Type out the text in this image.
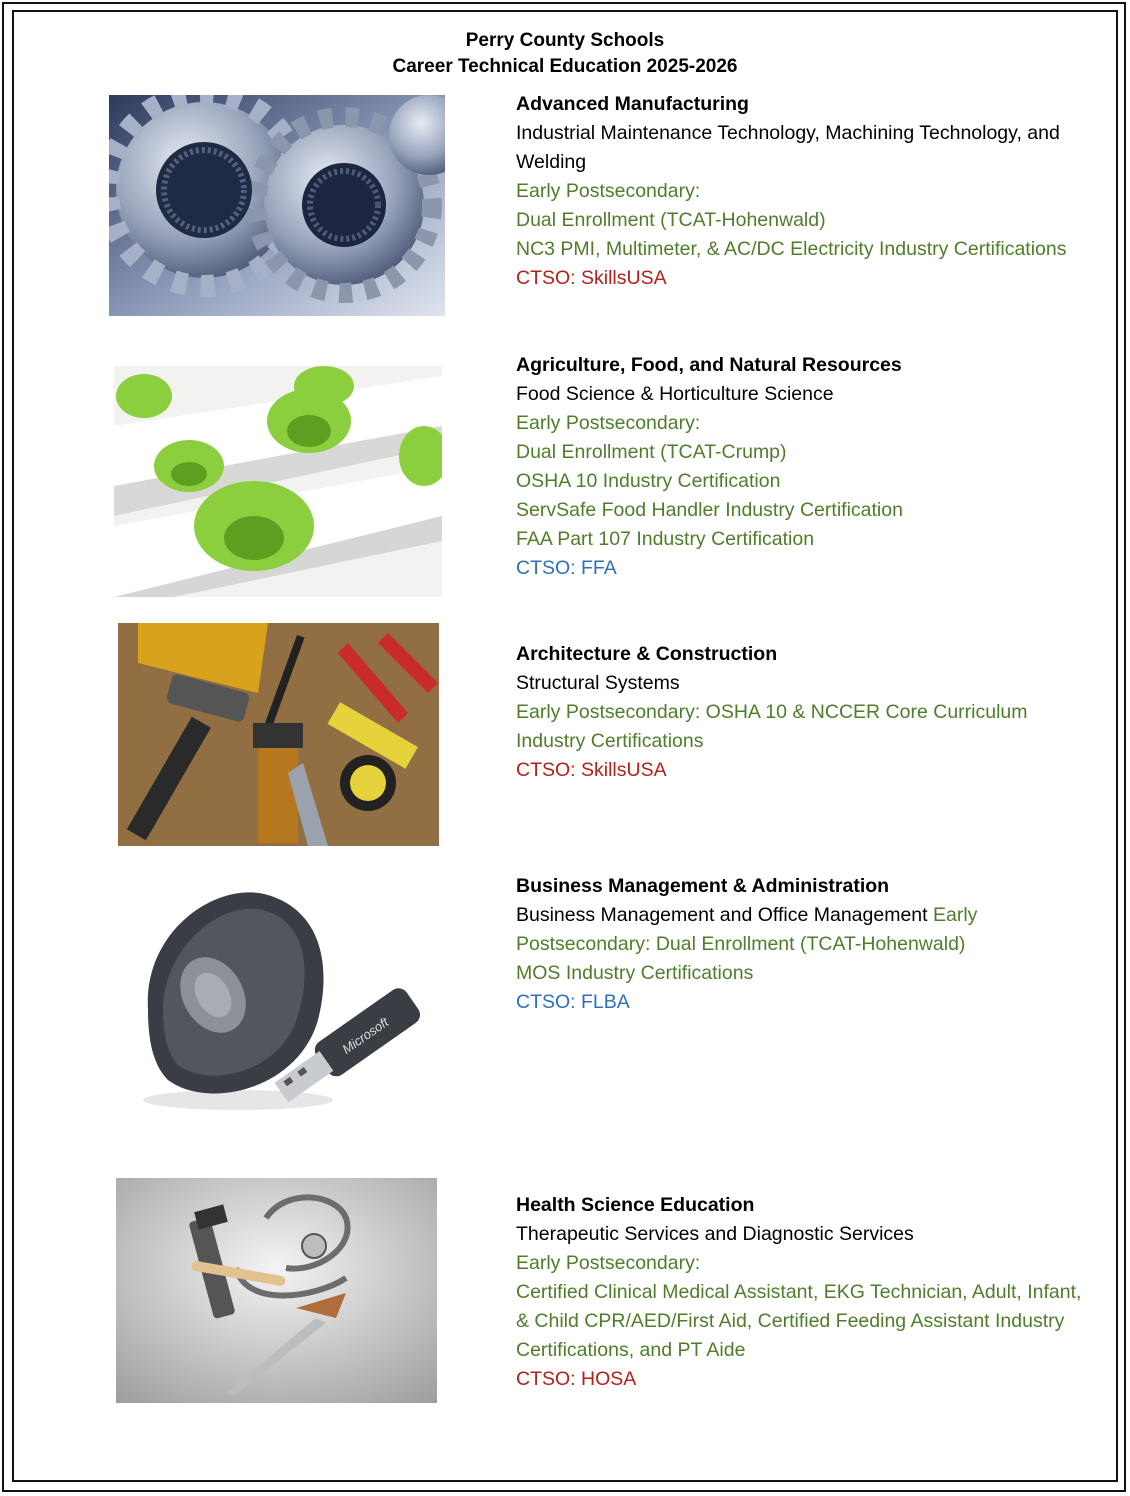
Perry County Schools
Career Technical Education 2025-2026
Advanced Manufacturing
Industrial Maintenance Technology, Machining Technology, and Welding
Early Postsecondary:
Dual Enrollment (TCAT-Hohenwald)
NC3 PMI, Multimeter, & AC/DC Electricity Industry Certifications
CTSO: SkillsUSA
Agriculture, Food, and Natural Resources
Food Science & Horticulture Science
Early Postsecondary:
Dual Enrollment (TCAT-Crump)
OSHA 10 Industry Certification
ServSafe Food Handler Industry Certification
FAA Part 107 Industry Certification
CTSO: FFA
Architecture & Construction
Structural Systems
Early Postsecondary: OSHA 10 & NCCER Core Curriculum Industry Certifications
CTSO: SkillsUSA
Microsoft
Business Management & Administration
Business Management and Office Management Early Postsecondary: Dual Enrollment (TCAT-Hohenwald)
MOS Industry Certifications
CTSO: FLBA
Health Science Education
Therapeutic Services and Diagnostic Services
Early Postsecondary:
Certified Clinical Medical Assistant, EKG Technician, Adult, Infant, & Child CPR/AED/First Aid, Certified Feeding Assistant Industry Certifications, and PT Aide
CTSO: HOSA
